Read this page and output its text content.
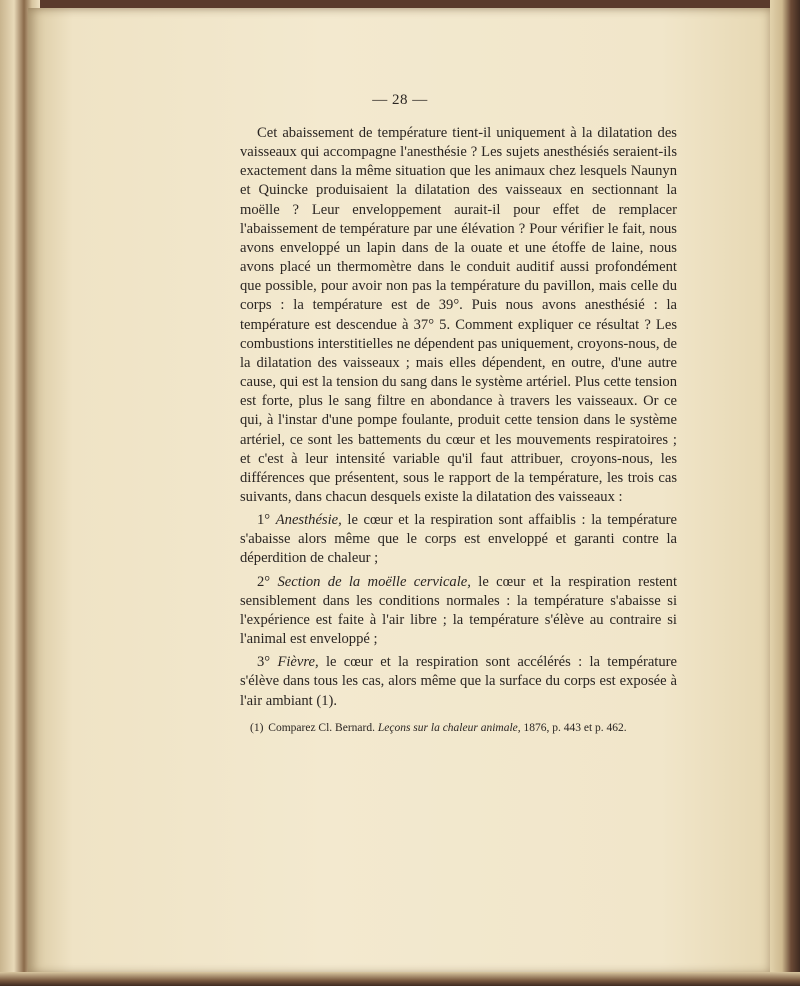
— 28 —

Cet abaissement de température tient-il uniquement à la dilatation des vaisseaux qui accompagne l'anesthésie ? Les sujets anesthésiés seraient-ils exactement dans la même situation que les animaux chez lesquels Naunyn et Quincke produisaient la dilatation des vaisseaux en sectionnant la moëlle ? Leur enveloppement aurait-il pour effet de remplacer l'abaissement de température par une élévation ? Pour vérifier le fait, nous avons enveloppé un lapin dans de la ouate et une étoffe de laine, nous avons placé un thermomètre dans le conduit auditif aussi profondément que possible, pour avoir non pas la température du pavillon, mais celle du corps : la température est de 39°. Puis nous avons anesthésié : la température est descendue à 37° 5. Comment expliquer ce résultat ? Les combustions interstitielles ne dépendent pas uniquement, croyons-nous, de la dilatation des vaisseaux ; mais elles dépendent, en outre, d'une autre cause, qui est la tension du sang dans le système artériel. Plus cette tension est forte, plus le sang filtre en abondance à travers les vaisseaux. Or ce qui, à l'instar d'une pompe foulante, produit cette tension dans le système artériel, ce sont les battements du cœur et les mouvements respiratoires ; et c'est à leur intensité variable qu'il faut attribuer, croyons-nous, les différences que présentent, sous le rapport de la température, les trois cas suivants, dans chacun desquels existe la dilatation des vaisseaux :

1° Anesthésie, le cœur et la respiration sont affaiblis : la température s'abaisse alors même que le corps est enveloppé et garanti contre la déperdition de chaleur ;

2° Section de la moëlle cervicale, le cœur et la respiration restent sensiblement dans les conditions normales : la température s'abaisse si l'expérience est faite à l'air libre ; la température s'élève au contraire si l'animal est enveloppé ;

3° Fièvre, le cœur et la respiration sont accélérés : la température s'élève dans tous les cas, alors même que la surface du corps est exposée à l'air ambiant (1).

(1) Comparez Cl. Bernard. Leçons sur la chaleur animale, 1876, p. 443 et p. 462.
